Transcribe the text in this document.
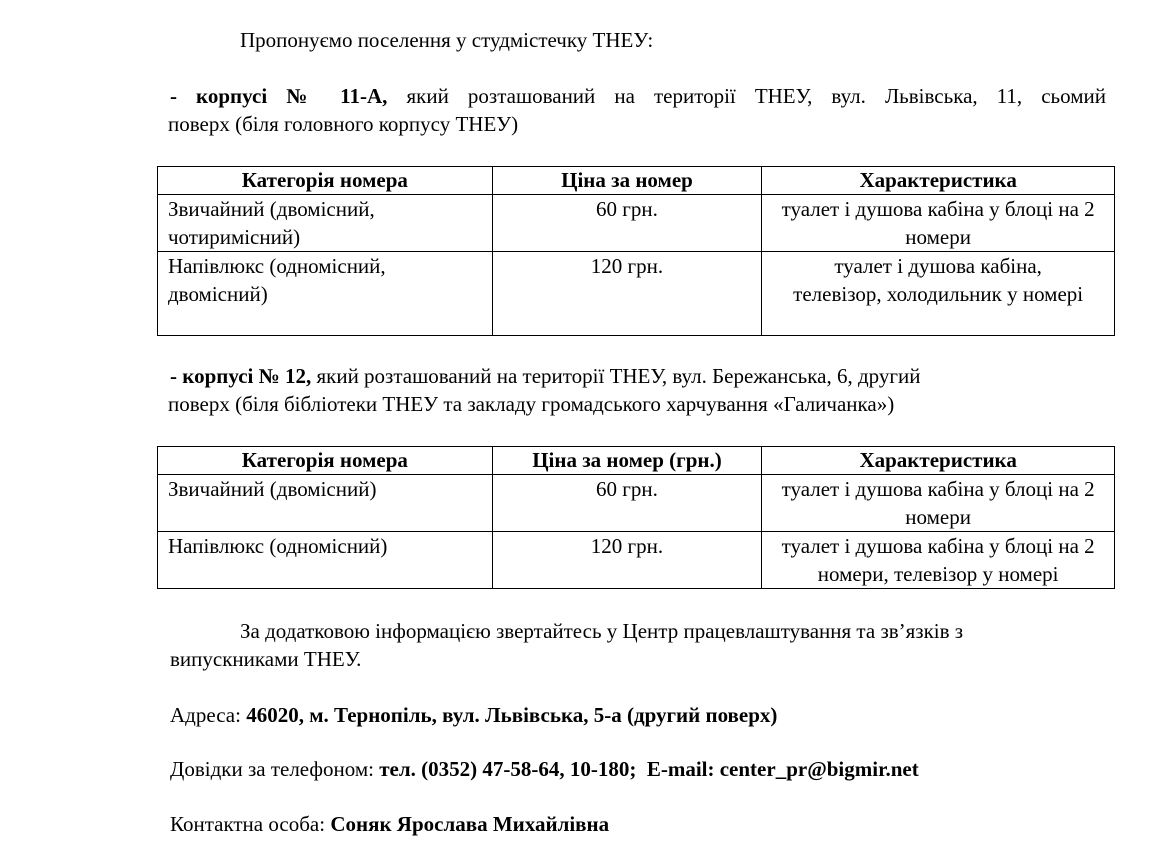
Пропонуємо поселення у студмістечку ТНЕУ:
- корпусі № 11-А, який розташований на території ТНЕУ, вул. Львівська, 11, сьомий
поверх (біля головного корпусу ТНЕУ)
Категорія номера	Ціна за номер	Характеристика
Звичайний (двомісний, чотиримісний)	60 грн.	туалет і душова кабіна у блоці на 2 номери
Напівлюкс (одномісний, двомісний)	120 грн.	туалет і душова кабіна, телевізор, холодильник у номері
- корпусі № 12, який розташований на території ТНЕУ, вул. Бережанська, 6, другий
поверх (біля бібліотеки ТНЕУ та закладу громадського харчування «Галичанка»)
Категорія номера	Ціна за номер (грн.)	Характеристика
Звичайний (двомісний)	60 грн.	туалет і душова кабіна у блоці на 2 номери
Напівлюкс (одномісний)	120 грн.	туалет і душова кабіна у блоці на 2 номери, телевізор у номері
За додатковою інформацією звертайтесь у Центр працевлаштування та зв’язків з
випускниками ТНЕУ.
Адреса: 46020, м. Тернопіль, вул. Львівська, 5-а (другий поверх)
Довідки за телефоном: тел. (0352) 47-58-64, 10-180;  E-mail: center_pr@bigmir.net
Контактна особа: Соняк Ярослава Михайлівна
